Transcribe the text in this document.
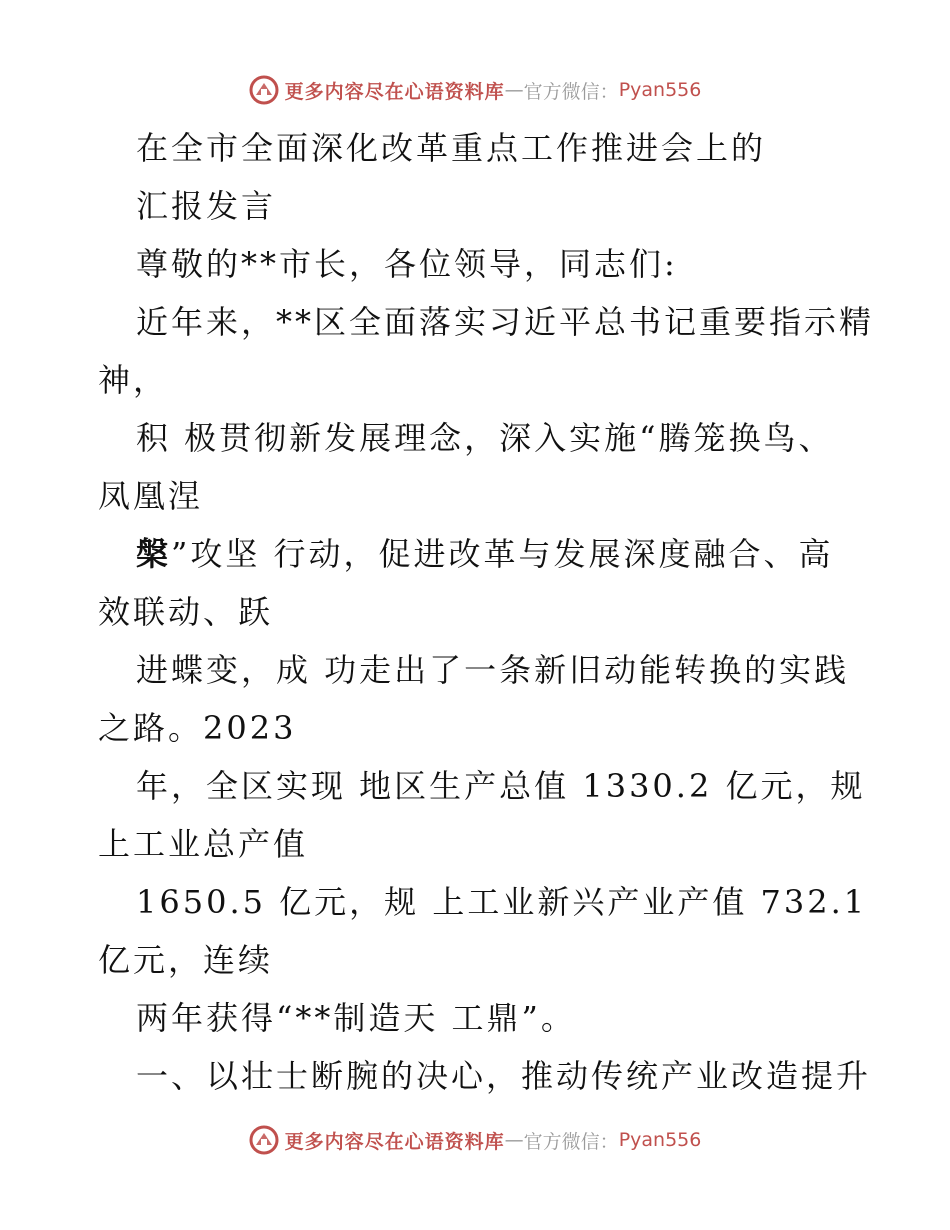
更多内容尽在心语资料库 — 官方微信： Pyan556
在全市全面深化改革重点工作推进会上的
汇报发言
尊敬的**市长，各位领导，同志们:
近年来，**区全面落实习近平总书记重要指示精
神，
积 极贯彻新发展理念，深入实施“腾笼换鸟、
凤凰涅
槃”攻坚 行动，促进改革与发展深度融合、高
效联动、跃
进蝶变，成 功走出了一条新旧动能转换的实践
之路。2023
年，全区实现 地区生产总值 1330.2 亿元，规
上工业总产值
1650.5 亿元，规 上工业新兴产业产值 732.1
亿元，连续
两年获得“**制造天 工鼎”。
一、以壮士断腕的决心，推动传统产业改造提升
更多内容尽在心语资料库 — 官方微信： Pyan556
